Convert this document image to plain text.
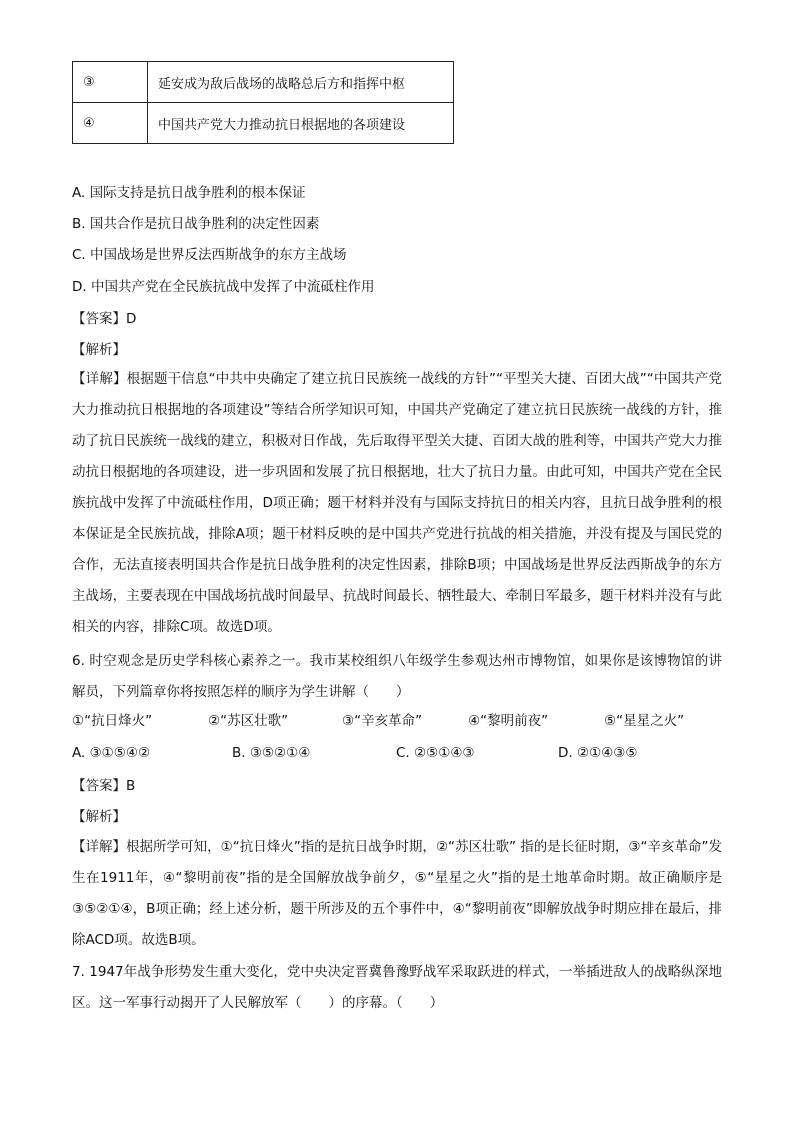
③	延安成为敌后战场的战略总后方和指挥中枢
④	中国共产党大力推动抗日根据地的各项建设
A. 国际支持是抗日战争胜利的根本保证
B. 国共合作是抗日战争胜利的决定性因素
C. 中国战场是世界反法西斯战争的东方主战场
D. 中国共产党在全民族抗战中发挥了中流砥柱作用
【答案】D
【解析】
【详解】根据题干信息“中共中央确定了建立抗日民族统一战线的方针”“平型关大捷、百团大战”“中国共产党大力推动抗日根据地的各项建设”等结合所学知识可知，中国共产党确定了建立抗日民族统一战线的方针，推动了抗日民族统一战线的建立，积极对日作战，先后取得平型关大捷、百团大战的胜利等，中国共产党大力推动抗日根据地的各项建设，进一步巩固和发展了抗日根据地，壮大了抗日力量。由此可知，中国共产党在全民族抗战中发挥了中流砥柱作用，D项正确；题干材料并没有与国际支持抗日的相关内容，且抗日战争胜利的根本保证是全民族抗战，排除A项；题干材料反映的是中国共产党进行抗战的相关措施，并没有提及与国民党的合作，无法直接表明国共合作是抗日战争胜利的决定性因素，排除B项；中国战场是世界反法西斯战争的东方主战场，主要表现在中国战场抗战时间最早、抗战时间最长、牺牲最大、牵制日军最多，题干材料并没有与此相关的内容，排除C项。故选D项。
6. 时空观念是历史学科核心素养之一。我市某校组织八年级学生参观达州市博物馆，如果你是该博物馆的讲解员，下列篇章你将按照怎样的顺序为学生讲解（　　）
①“抗日烽火”	②“苏区壮歌”	③“辛亥革命”	④“黎明前夜”	⑤“星星之火”
A. ③①⑤④②	B. ③⑤②①④	C. ②⑤①④③	D. ②①④③⑤
【答案】B
【解析】
【详解】根据所学可知，①“抗日烽火”指的是抗日战争时期，②“苏区壮歌” 指的是长征时期，③“辛亥革命”发生在1911年，④“黎明前夜”指的是全国解放战争前夕，⑤“星星之火”指的是土地革命时期。故正确顺序是③⑤②①④，B项正确；经上述分析，题干所涉及的五个事件中，④“黎明前夜”即解放战争时期应排在最后，排除ACD项。故选B项。
7. 1947年战争形势发生重大变化，党中央决定晋冀鲁豫野战军采取跃进的样式，一举插进敌人的战略纵深地区。这一军事行动揭开了人民解放军（　　）的序幕。（　　）
